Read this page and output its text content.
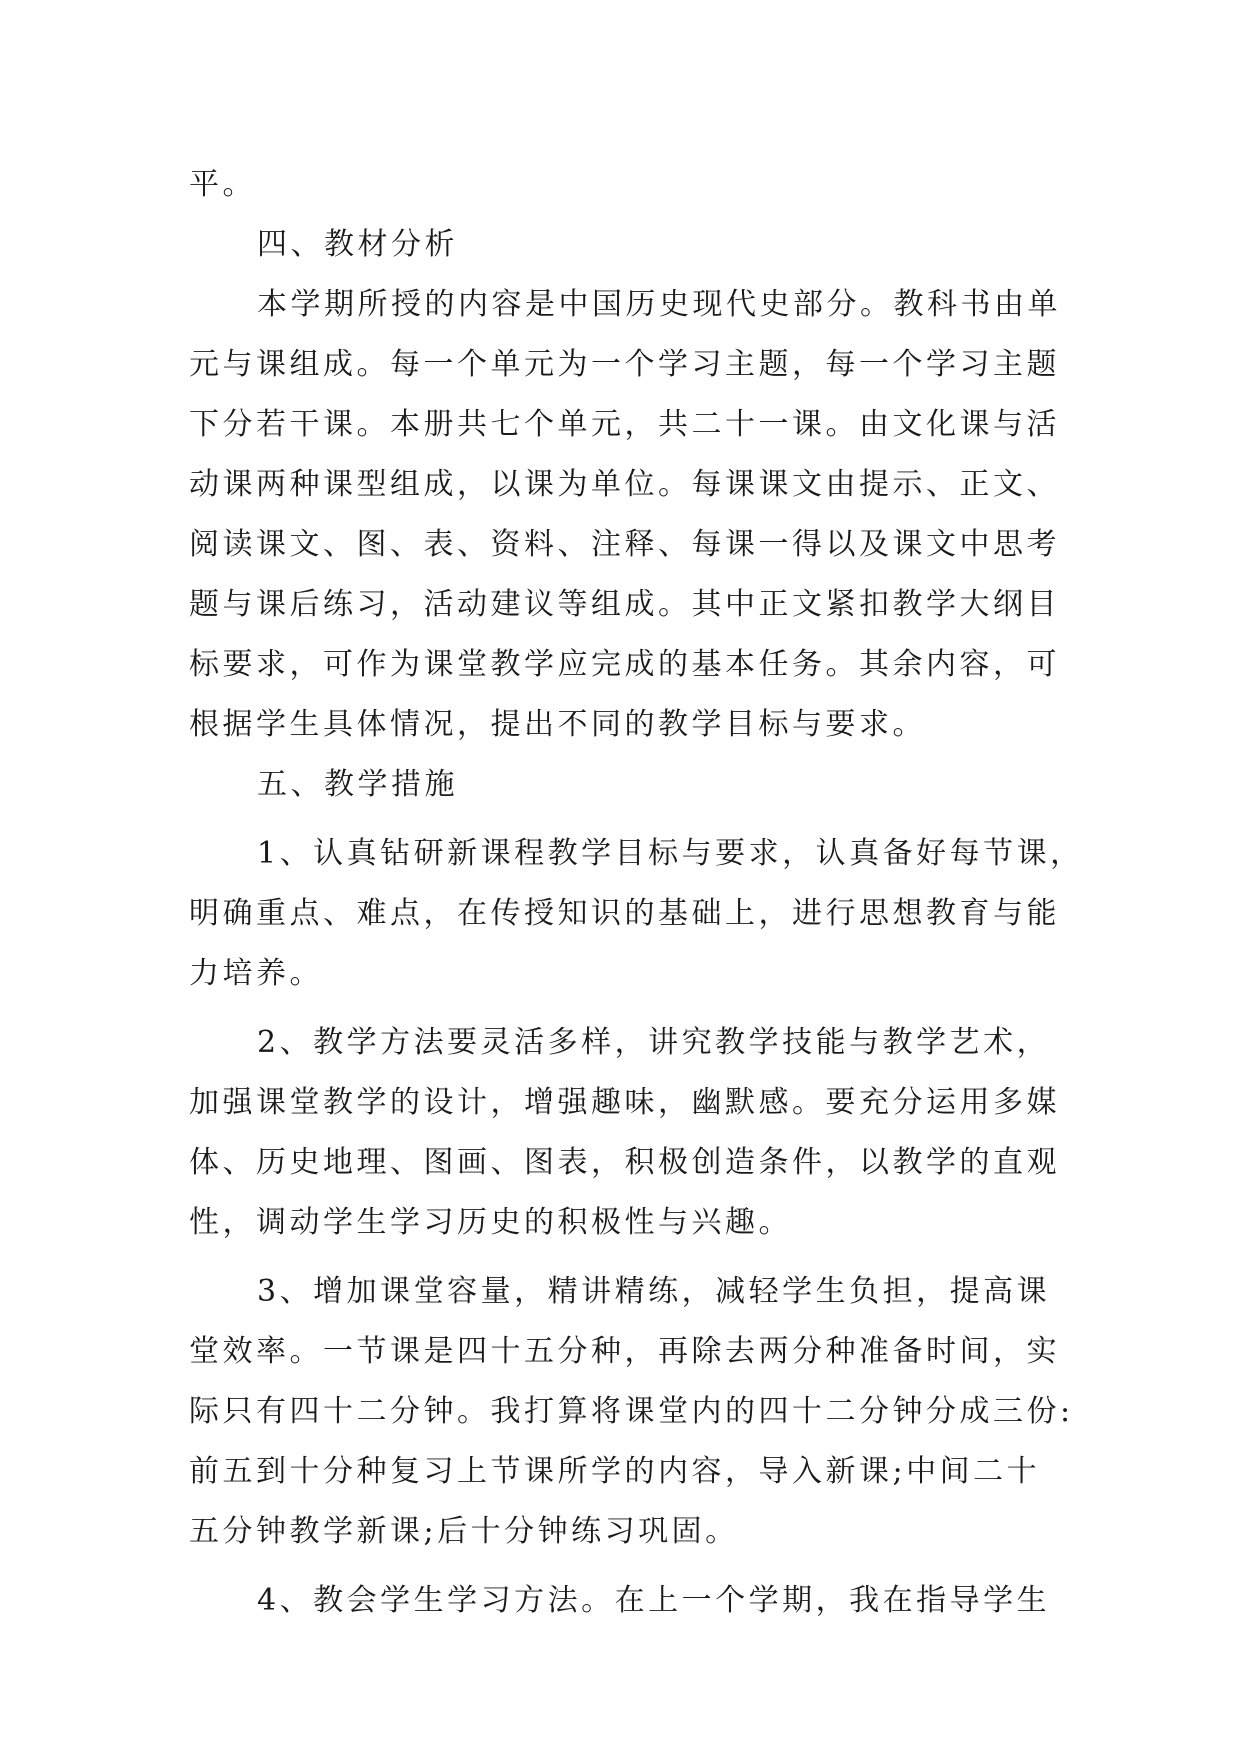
平。
四、教材分析
本学期所授的内容是中国历史现代史部分。教科书由单
元与课组成。每一个单元为一个学习主题，每一个学习主题
下分若干课。本册共七个单元，共二十一课。由文化课与活
动课两种课型组成，以课为单位。每课课文由提示、正文、
阅读课文、图、表、资料、注释、每课一得以及课文中思考
题与课后练习，活动建议等组成。其中正文紧扣教学大纲目
标要求，可作为课堂教学应完成的基本任务。其余内容，可
根据学生具体情况，提出不同的教学目标与要求。
五、教学措施
1、认真钻研新课程教学目标与要求，认真备好每节课，
明确重点、难点，在传授知识的基础上，进行思想教育与能
力培养。
2、教学方法要灵活多样，讲究教学技能与教学艺术，
加强课堂教学的设计，增强趣味，幽默感。要充分运用多媒
体、历史地理、图画、图表，积极创造条件，以教学的直观
性，调动学生学习历史的积极性与兴趣。
3、增加课堂容量，精讲精练，减轻学生负担，提高课
堂效率。一节课是四十五分种，再除去两分种准备时间，实
际只有四十二分钟。我打算将课堂内的四十二分钟分成三份:
前五到十分种复习上节课所学的内容，导入新课;中间二十
五分钟教学新课;后十分钟练习巩固。
4、教会学生学习方法。在上一个学期，我在指导学生
